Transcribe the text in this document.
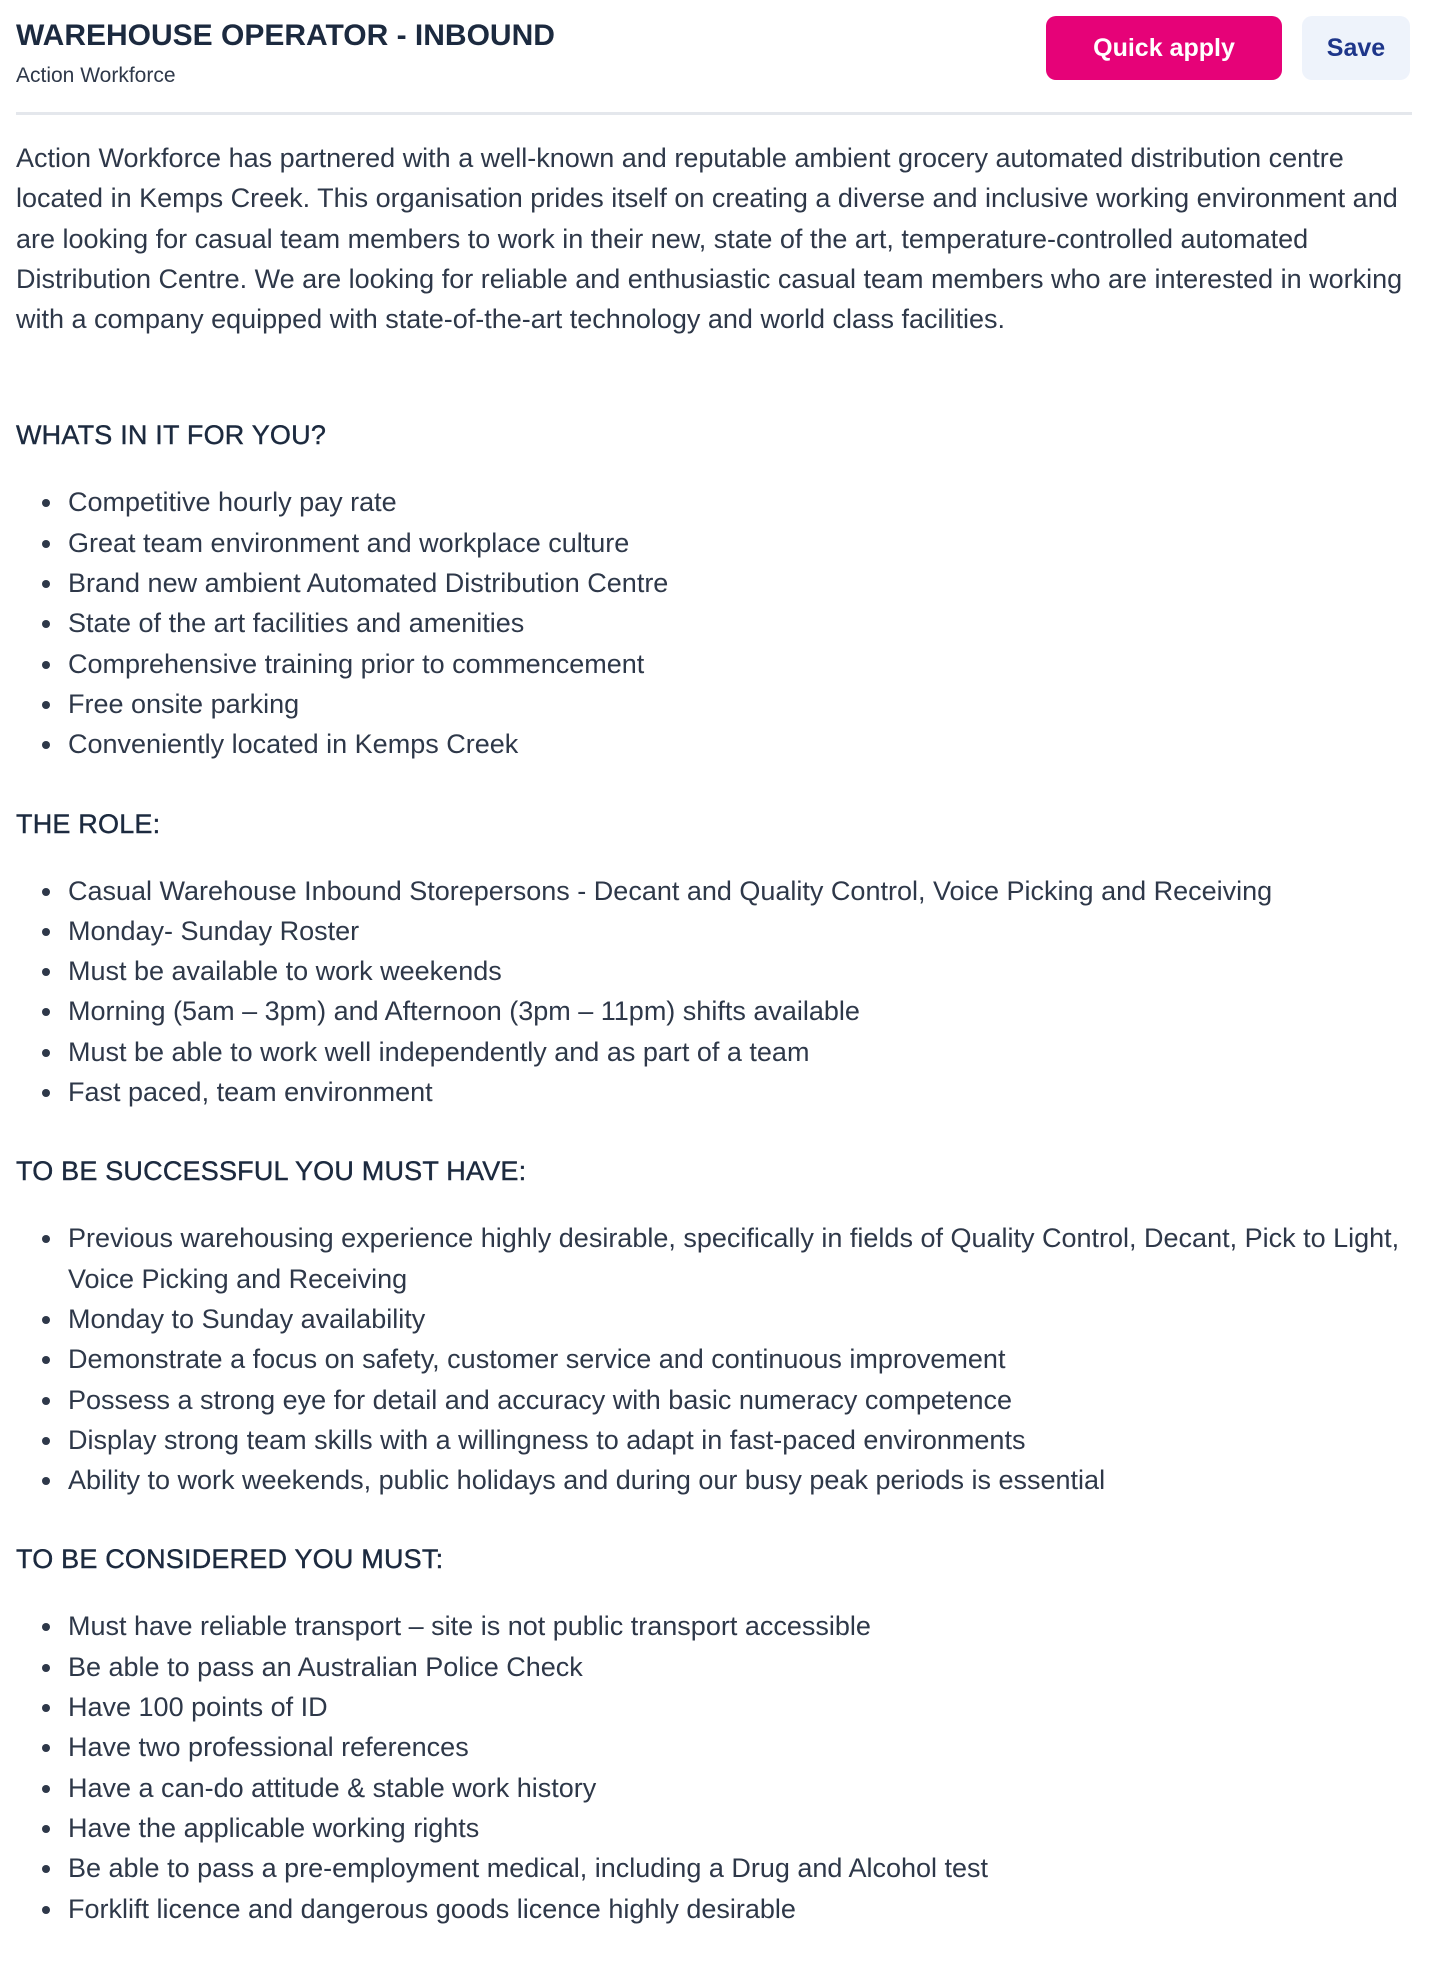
WAREHOUSE OPERATOR - INBOUND
Action Workforce
Quick apply	Save

Action Workforce has partnered with a well-known and reputable ambient grocery automated distribution centre located in Kemps Creek. This organisation prides itself on creating a diverse and inclusive working environment and are looking for casual team members to work in their new, state of the art, temperature-controlled automated Distribution Centre. We are looking for reliable and enthusiastic casual team members who are interested in working with a company equipped with state-of-the-art technology and world class facilities.

WHATS IN IT FOR YOU?
Competitive hourly pay rate
Great team environment and workplace culture
Brand new ambient Automated Distribution Centre
State of the art facilities and amenities
Comprehensive training prior to commencement
Free onsite parking
Conveniently located in Kemps Creek
THE ROLE:
Casual Warehouse Inbound Storepersons - Decant and Quality Control, Voice Picking and Receiving
Monday- Sunday Roster
Must be available to work weekends
Morning (5am – 3pm) and Afternoon (3pm – 11pm) shifts available
Must be able to work well independently and as part of a team
Fast paced, team environment
TO BE SUCCESSFUL YOU MUST HAVE:
Previous warehousing experience highly desirable, specifically in fields of Quality Control, Decant, Pick to Light, Voice Picking and Receiving
Monday to Sunday availability
Demonstrate a focus on safety, customer service and continuous improvement
Possess a strong eye for detail and accuracy with basic numeracy competence
Display strong team skills with a willingness to adapt in fast-paced environments
Ability to work weekends, public holidays and during our busy peak periods is essential
TO BE CONSIDERED YOU MUST:
Must have reliable transport – site is not public transport accessible
Be able to pass an Australian Police Check
Have 100 points of ID
Have two professional references
Have a can-do attitude & stable work history
Have the applicable working rights
Be able to pass a pre-employment medical, including a Drug and Alcohol test
Forklift licence and dangerous goods licence highly desirable
